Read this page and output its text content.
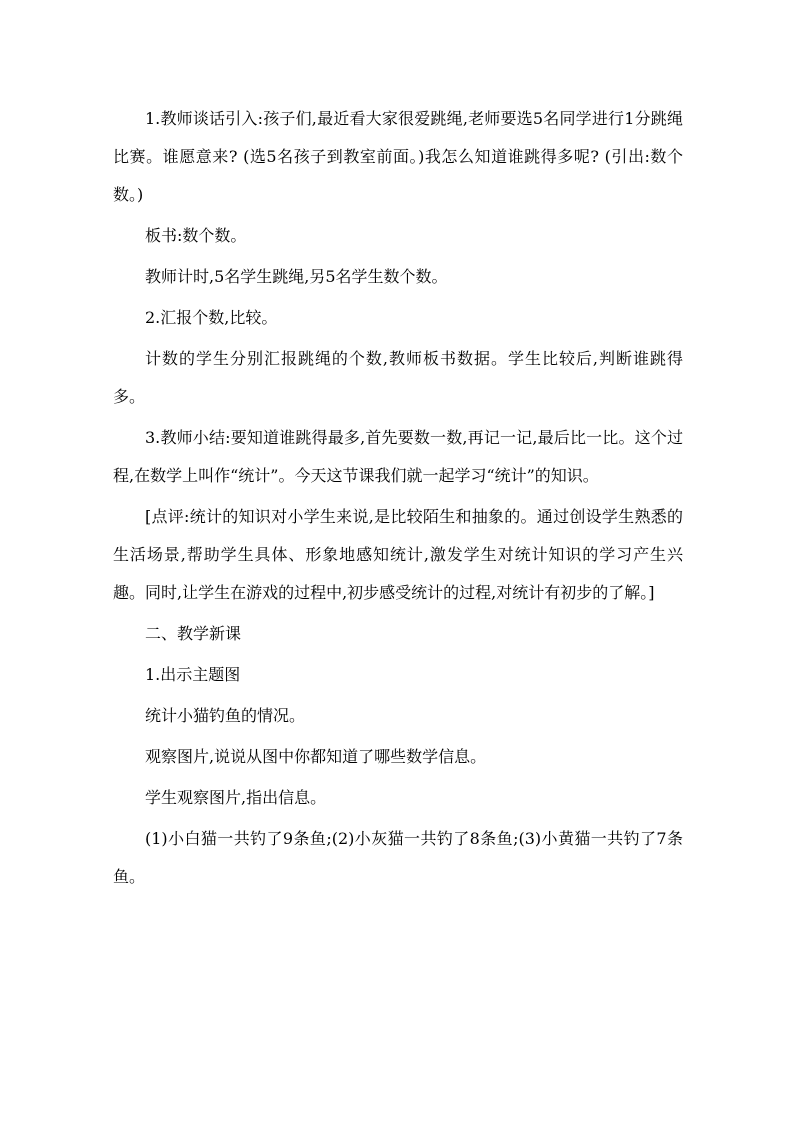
1.教师谈话引入:孩子们,最近看大家很爱跳绳,老师要选5名同学进行1分跳绳比赛。谁愿意来? (选5名孩子到教室前面。)我怎么知道谁跳得多呢? (引出:数个数。)

板书:数个数。

教师计时,5名学生跳绳,另5名学生数个数。

2.汇报个数,比较。

计数的学生分别汇报跳绳的个数,教师板书数据。学生比较后,判断谁跳得多。

3.教师小结:要知道谁跳得最多,首先要数一数,再记一记,最后比一比。这个过程,在数学上叫作“统计”。今天这节课我们就一起学习“统计”的知识。

[点评:统计的知识对小学生来说,是比较陌生和抽象的。通过创设学生熟悉的生活场景,帮助学生具体、形象地感知统计,激发学生对统计知识的学习产生兴趣。同时,让学生在游戏的过程中,初步感受统计的过程,对统计有初步的了解。]

二、教学新课

1.出示主题图

统计小猫钓鱼的情况。

观察图片,说说从图中你都知道了哪些数学信息。

学生观察图片,指出信息。

(1)小白猫一共钓了9条鱼;(2)小灰猫一共钓了8条鱼;(3)小黄猫一共钓了7条鱼。
